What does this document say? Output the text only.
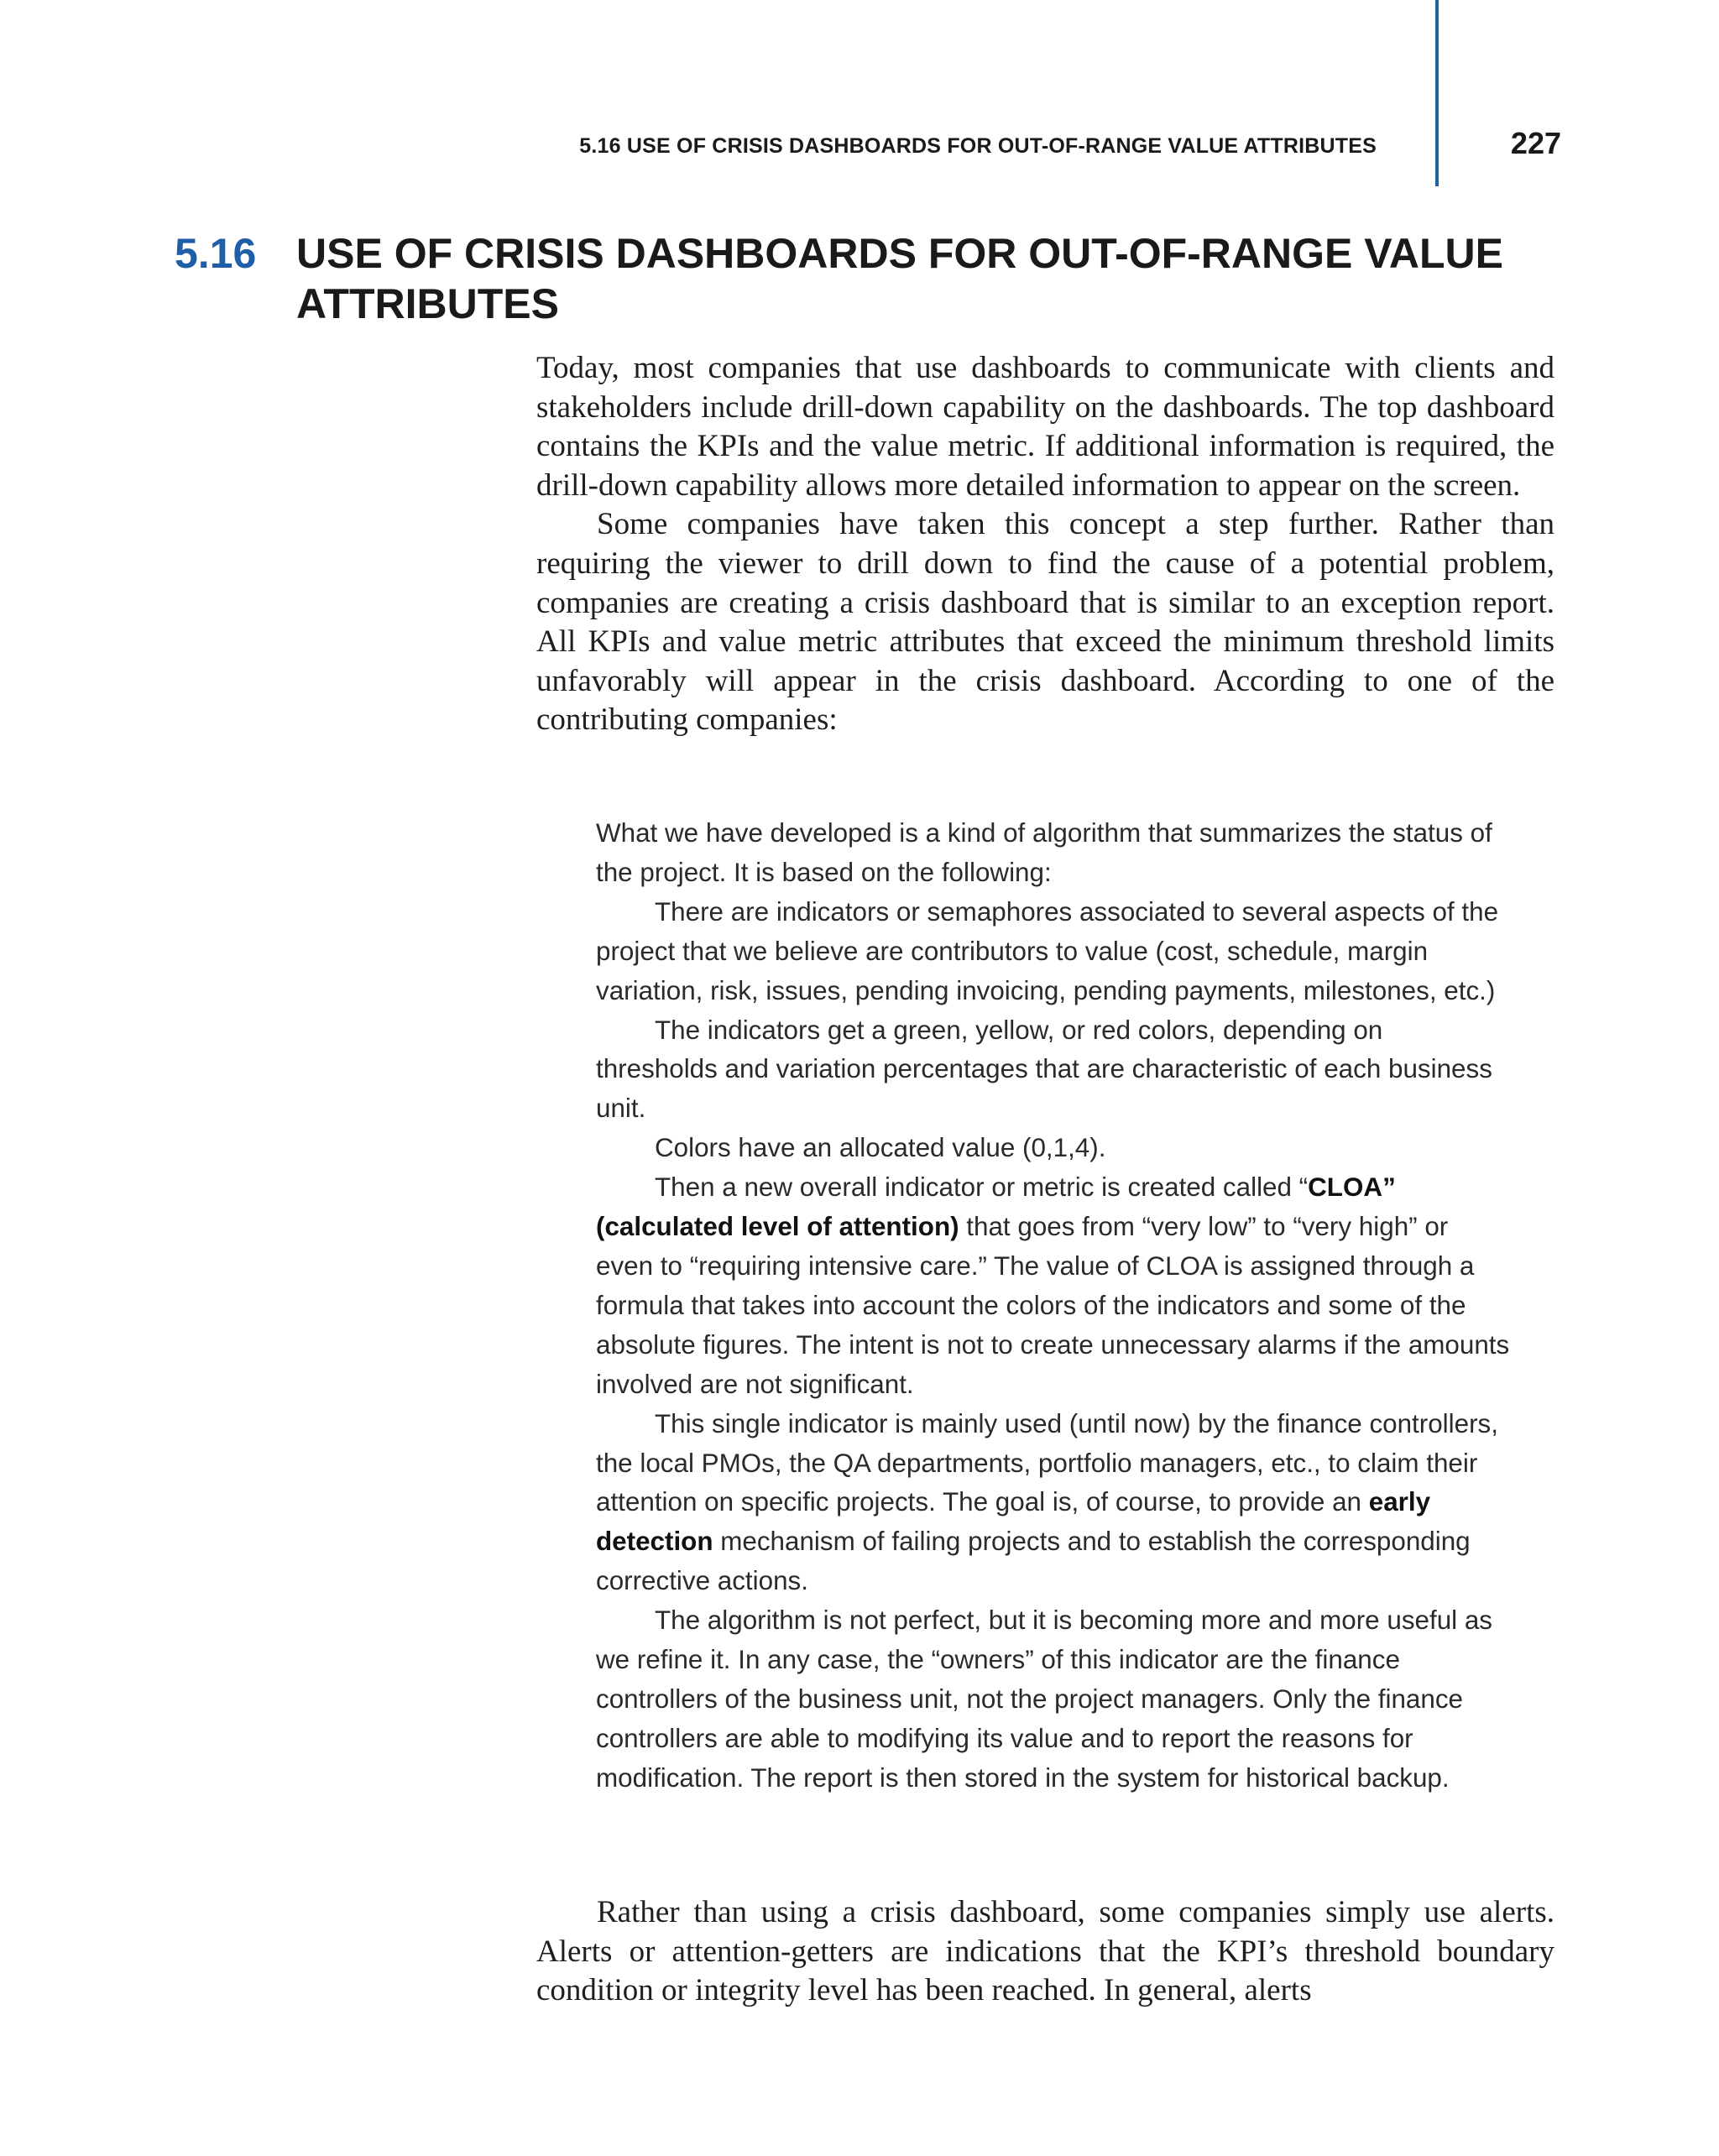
5.16 USE OF CRISIS DASHBOARDS FOR OUT-OF-RANGE VALUE ATTRIBUTES	227
5.16 USE OF CRISIS DASHBOARDS FOR OUT-OF-RANGE VALUE ATTRIBUTES

Today, most companies that use dashboards to communicate with clients and stakeholders include drill-down capability on the dashboards. The top dashboard contains the KPIs and the value metric. If additional information is required, the drill-down capability allows more detailed information to appear on the screen.

Some companies have taken this concept a step further. Rather than requiring the viewer to drill down to find the cause of a potential problem, companies are creating a crisis dashboard that is similar to an exception report. All KPIs and value metric attributes that exceed the minimum threshold limits unfavorably will appear in the crisis dashboard. According to one of the contributing companies:

What we have developed is a kind of algorithm that summarizes the status of the project. It is based on the following:

There are indicators or semaphores associated to several aspects of the project that we believe are contributors to value (cost, schedule, margin variation, risk, issues, pending invoicing, pending payments, milestones, etc.)

The indicators get a green, yellow, or red colors, depending on thresholds and variation percentages that are characteristic of each business unit.

Colors have an allocated value (0,1,4).

Then a new overall indicator or metric is created called “CLOA” (calculated level of attention) that goes from “very low” to “very high” or even to “requiring intensive care.” The value of CLOA is assigned through a formula that takes into account the colors of the indicators and some of the absolute figures. The intent is not to create unnecessary alarms if the amounts involved are not significant.

This single indicator is mainly used (until now) by the finance controllers, the local PMOs, the QA departments, portfolio managers, etc., to claim their attention on specific projects. The goal is, of course, to provide an early detection mechanism of failing projects and to establish the corresponding corrective actions.

The algorithm is not perfect, but it is becoming more and more useful as we refine it. In any case, the “owners” of this indicator are the finance controllers of the business unit, not the project managers. Only the finance controllers are able to modifying its value and to report the reasons for modification. The report is then stored in the system for historical backup.

Rather than using a crisis dashboard, some companies simply use alerts. Alerts or attention-getters are indications that the KPI’s threshold boundary condition or integrity level has been reached. In general, alerts
